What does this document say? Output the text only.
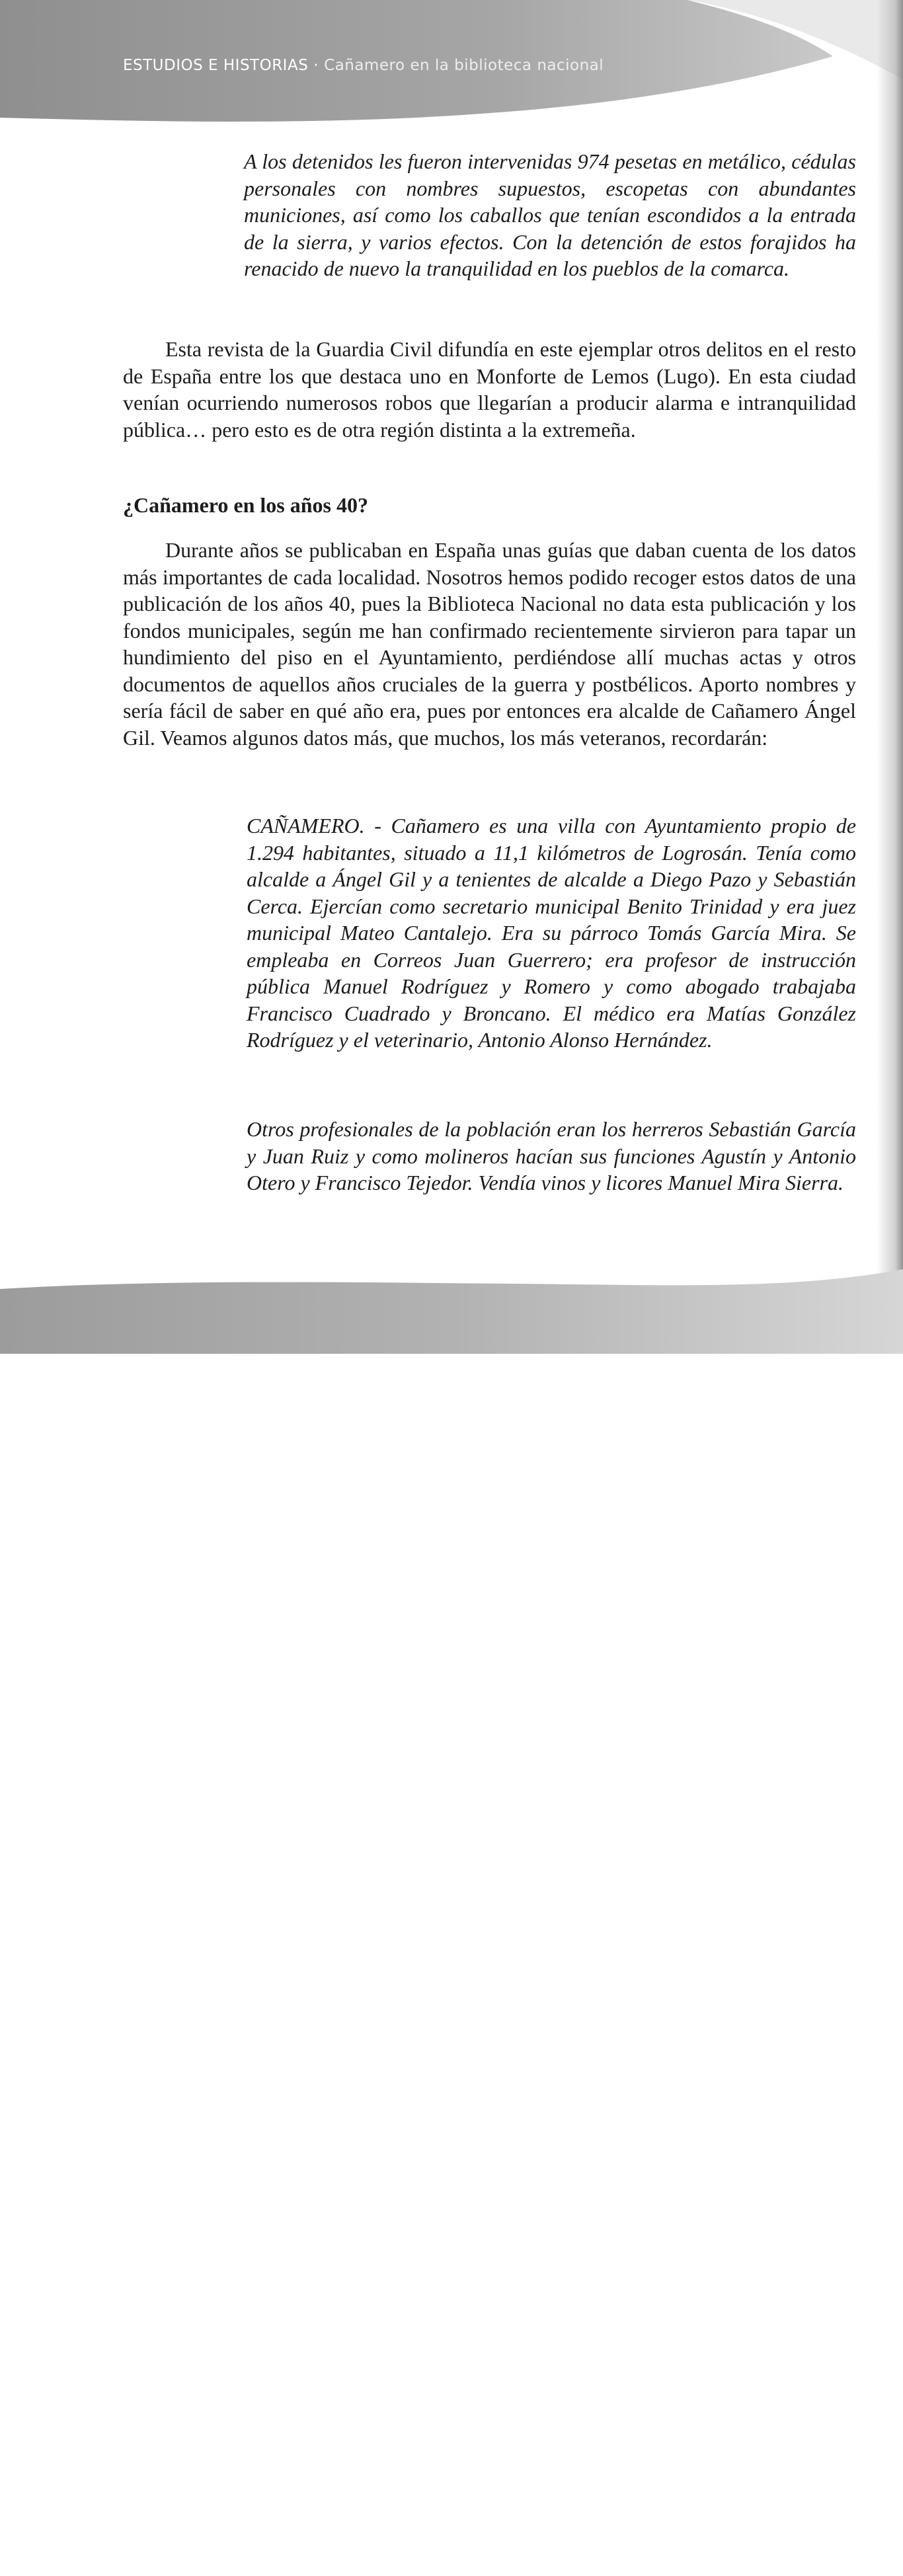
ESTUDIOS E HISTORIAS · Cañamero en la biblioteca nacional

A los detenidos les fueron intervenidas 974 pesetas en metálico, cédulas personales con nombres supuestos, escopetas con abundantes municiones, así como los caballos que tenían escondidos a la entrada de la sierra, y varios efectos. Con la detención de estos forajidos ha renacido de nuevo la tranquilidad en los pueblos de la comarca.

Esta revista de la Guardia Civil difundía en este ejemplar otros delitos en el resto de España entre los que destaca uno en Monforte de Lemos (Lugo). En esta ciudad venían ocurriendo numerosos robos que llegarían a producir alarma e intranquilidad pública… pero esto es de otra región distinta a la extremeña.

¿Cañamero en los años 40?

Durante años se publicaban en España unas guías que daban cuenta de los datos más importantes de cada localidad. Nosotros hemos podido recoger estos datos de una publicación de los años 40, pues la Biblioteca Nacional no data esta publicación y los fondos municipales, según me han confirmado recientemente sirvieron para tapar un hundimiento del piso en el Ayuntamiento, perdiéndose allí muchas actas y otros documentos de aquellos años cruciales de la guerra y postbélicos. Aporto nombres y sería fácil de saber en qué año era, pues por entonces era alcalde de Cañamero Ángel Gil. Veamos algunos datos más, que muchos, los más veteranos, recordarán:

CAÑAMERO. - Cañamero es una villa con Ayuntamiento propio de 1.294 habitantes, situado a 11,1 kilómetros de Logrosán. Tenía como alcalde a Ángel Gil y a tenientes de alcalde a Diego Pazo y Sebastián Cerca. Ejercían como secretario municipal Benito Trinidad y era juez municipal Mateo Cantalejo. Era su párroco Tomás García Mira. Se empleaba en Correos Juan Guerrero; era profesor de instrucción pública Manuel Rodríguez y Romero y como abogado trabajaba Francisco Cuadrado y Broncano. El médico era Matías González Rodríguez y el veterinario, Antonio Alonso Hernández.

Otros profesionales de la población eran los herreros Sebastián García y Juan Ruiz y como molineros hacían sus funciones Agustín y Antonio Otero y Francisco Tejedor. Vendía vinos y licores Manuel Mira Sierra.

‹ 136 ›
